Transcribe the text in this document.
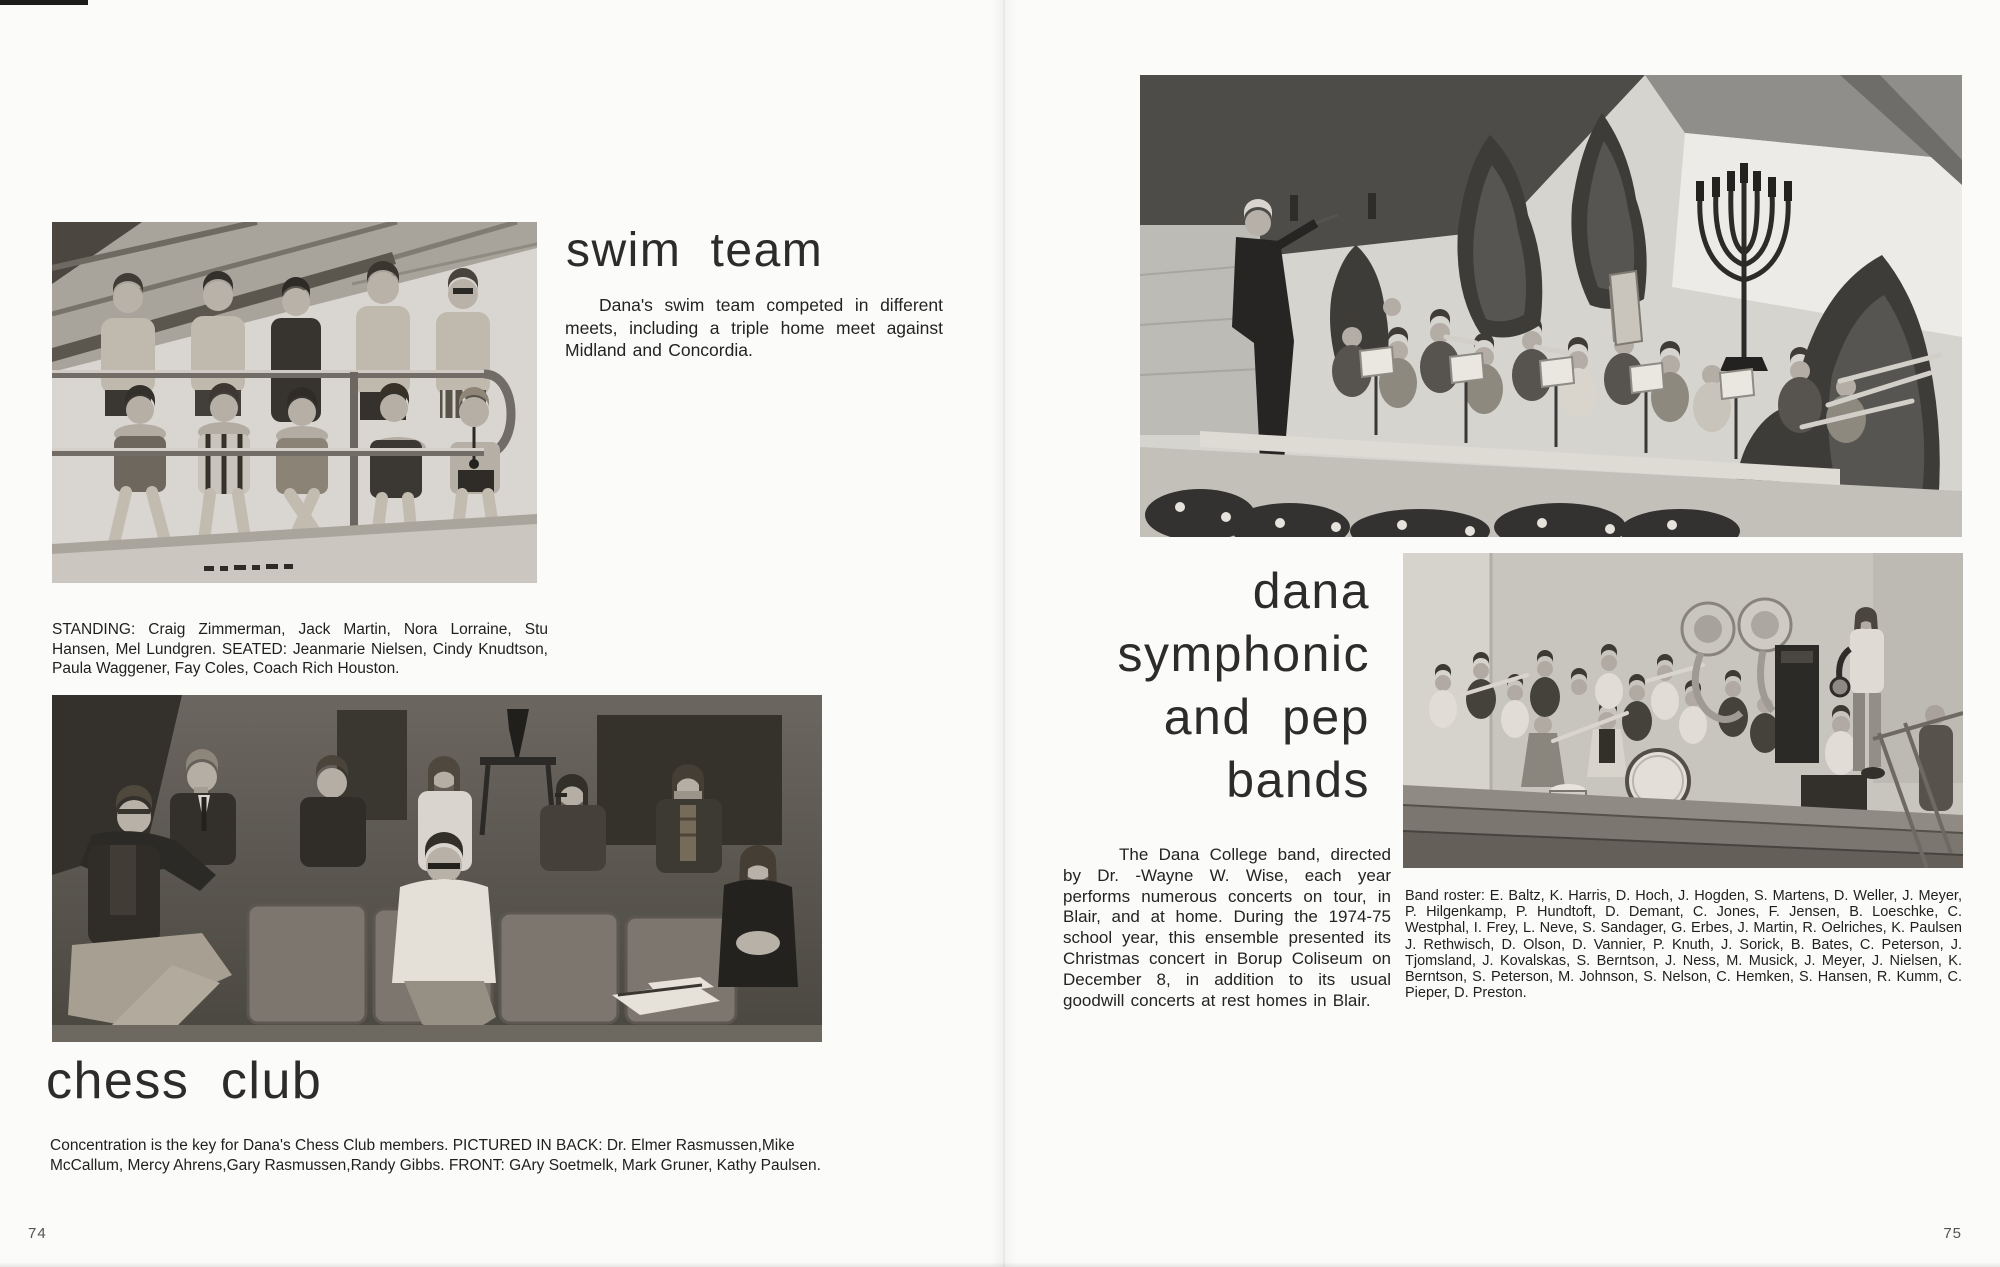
swim team
Dana's swim team competed in different meets, including a triple home meet against Midland and Concordia.
STANDING: Craig Zimmerman, Jack Martin, Nora Lorraine, Stu Hansen, Mel Lundgren. SEATED: Jeanmarie Nielsen, Cindy Knudtson, Paula Waggener, Fay Coles, Coach Rich Houston.
chess club
Concentration is the key for Dana's Chess Club members. PICTURED IN BACK: Dr. Elmer Rasmussen,Mike McCallum, Mercy Ahrens,Gary Rasmussen,Randy Gibbs. FRONT: GAry Soetmelk, Mark Gruner, Kathy Paulsen.
74
dana
symphonic
and pep
bands
The Dana College band, directed by Dr. -Wayne W. Wise, each year performs numerous concerts on tour, in Blair, and at home. During the 1974-75 school year, this ensemble presented its Christmas concert in Borup Coliseum on December 8, in addition to its usual goodwill concerts at rest homes in Blair.
Band roster: E. Baltz, K. Harris, D. Hoch, J. Hogden, S. Martens, D. Weller, J. Meyer, P. Hilgenkamp, P. Hundtoft, D. Demant, C. Jones, F. Jensen, B. Loeschke, C. Westphal, I. Frey, L. Neve, S. Sandager, G. Erbes, J. Martin, R. Oelriches, K. Paulsen J. Rethwisch, D. Olson, D. Vannier, P. Knuth, J. Sorick, B. Bates, C. Peterson, J. Tjomsland, J. Kovalskas, S. Berntson, J. Ness, M. Musick, J. Meyer, J. Nielsen, K. Berntson, S. Peterson, M. Johnson, S. Nelson, C. Hemken, S. Hansen, R. Kumm, C. Pieper, D. Preston.
75
